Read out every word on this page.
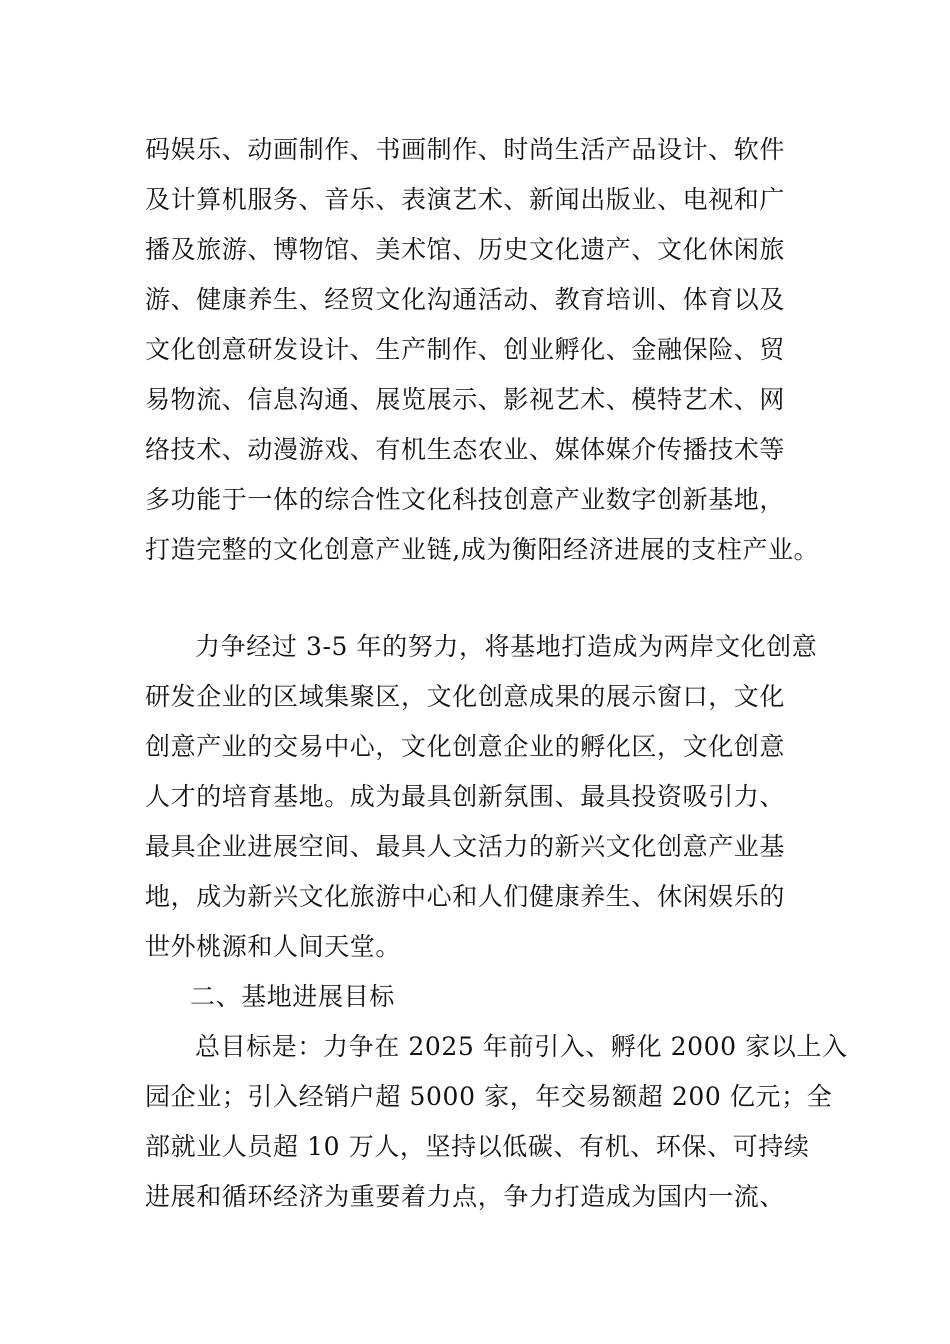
码娱乐、动画制作、书画制作、时尚生活产品设计、软件
及计算机服务、音乐、表演艺术、新闻出版业、电视和广
播及旅游、博物馆、美术馆、历史文化遗产、文化休闲旅
游、健康养生、经贸文化沟通活动、教育培训、体育以及
文化创意研发设计、生产制作、创业孵化、金融保险、贸
易物流、信息沟通、展览展示、影视艺术、模特艺术、网
络技术、动漫游戏、有机生态农业、媒体媒介传播技术等
多功能于一体的综合性文化科技创意产业数字创新基地，
打造完整的文化创意产业链,成为衡阳经济进展的支柱产业。
力争经过 3-5 年的努力，将基地打造成为两岸文化创意
研发企业的区域集聚区，文化创意成果的展示窗口，文化
创意产业的交易中心，文化创意企业的孵化区，文化创意
人才的培育基地。成为最具创新氛围、最具投资吸引力、
最具企业进展空间、最具人文活力的新兴文化创意产业基
地，成为新兴文化旅游中心和人们健康养生、休闲娱乐的
世外桃源和人间天堂。
二、基地进展目标
总目标是：力争在 2025 年前引入、孵化 2000 家以上入
园企业；引入经销户超 5000 家，年交易额超 200 亿元；全
部就业人员超 10 万人，坚持以低碳、有机、环保、可持续
进展和循环经济为重要着力点，争力打造成为国内一流、
